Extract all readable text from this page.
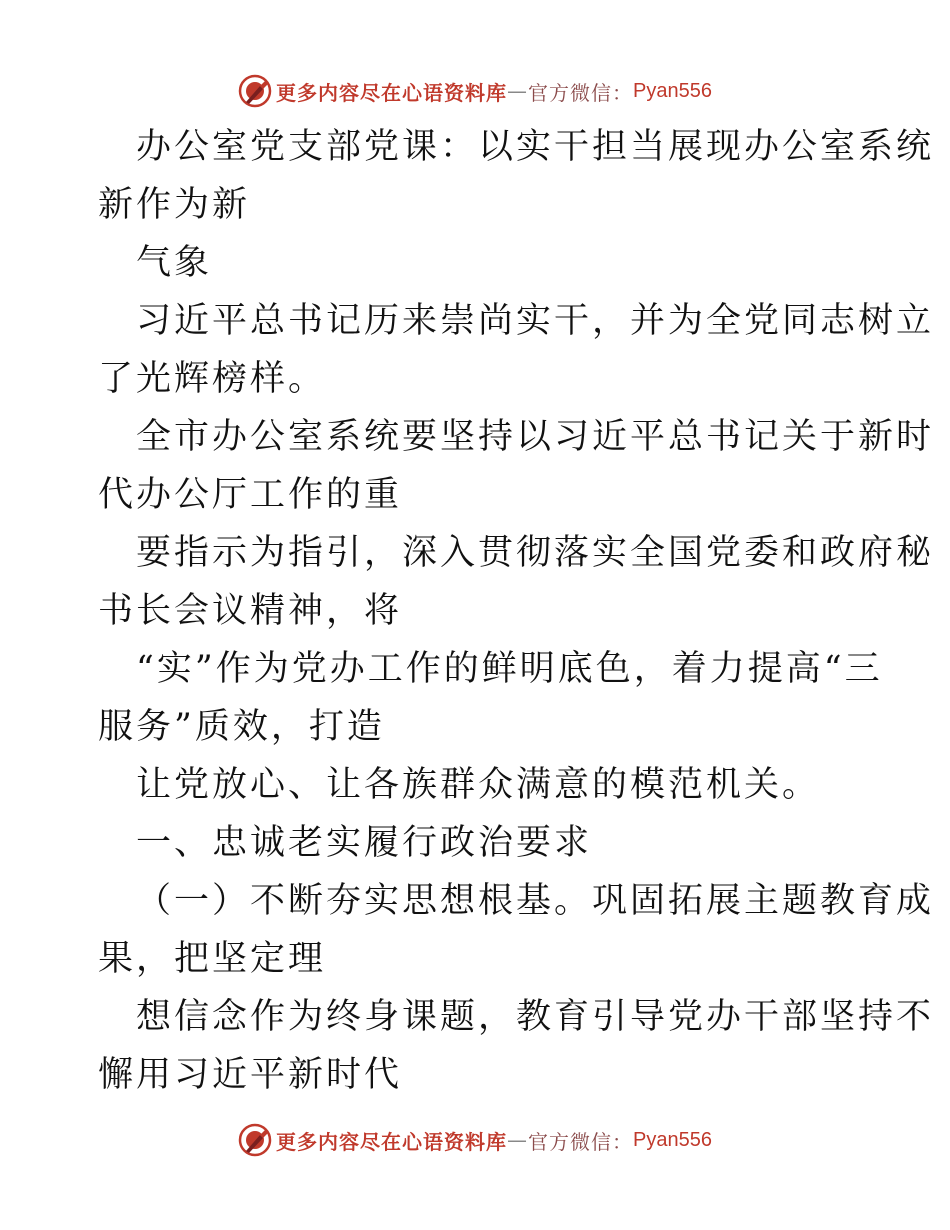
更多内容尽在心语资料库 — 官方微信： Pyan556
办公室党支部党课：以实干担当展现办公室系统
新作为新
气象
习近平总书记历来崇尚实干，并为全党同志树立
了光辉榜样。
全市办公室系统要坚持以习近平总书记关于新时
代办公厅工作的重
要指示为指引，深入贯彻落实全国党委和政府秘
书长会议精神，将
“实”作为党办工作的鲜明底色，着力提高“三
服务”质效，打造
让党放心、让各族群众满意的模范机关。
一、忠诚老实履行政治要求
（一）不断夯实思想根基。巩固拓展主题教育成
果，把坚定理
想信念作为终身课题，教育引导党办干部坚持不
懈用习近平新时代
更多内容尽在心语资料库 — 官方微信： Pyan556
